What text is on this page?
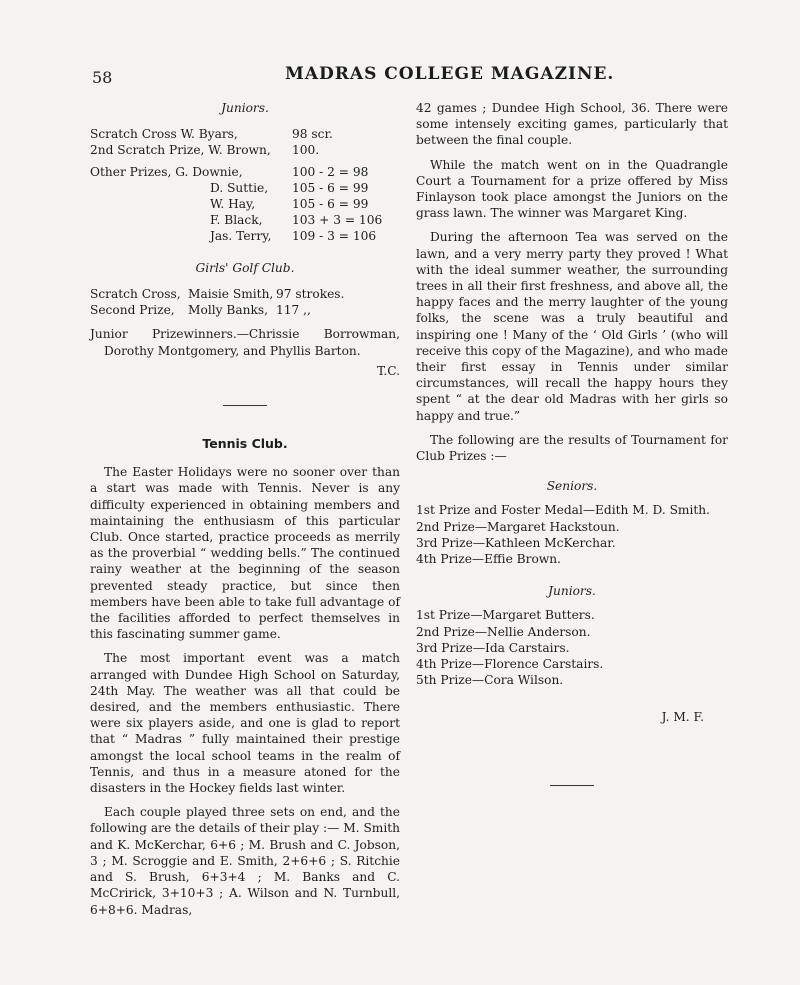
58	MADRAS COLLEGE MAGAZINE.
Juniors.
Scratch Cross W. Byars,		98 scr.
2nd Scratch Prize, W. Brown,		100.

Other Prizes, G. Downie,		100 - 2 = 98
	D. Suttie,	105 - 6 = 99
	W. Hay,	105 - 6 = 99
	F. Black,	103 + 3 = 106
	Jas. Terry,	109 - 3 = 106
Girls' Golf Club.
Scratch Cross,	Maisie Smith,	97 strokes.
Second Prize,	Molly Banks,	117 ,,

Junior Prizewinners.—Chrissie Borrowman, Dorothy Montgomery, and Phyllis Barton.

T.C.

Tennis Club.

The Easter Holidays were no sooner over than a start was made with Tennis. Never is any difficulty experienced in obtaining members and maintaining the enthusiasm of this particular Club. Once started, practice proceeds as merrily as the proverbial “ wedding bells.” The continued rainy weather at the beginning of the season prevented steady practice, but since then members have been able to take full advantage of the facilities afforded to perfect themselves in this fascinating summer game.

The most important event was a match arranged with Dundee High School on Saturday, 24th May. The weather was all that could be desired, and the members enthusiastic. There were six players aside, and one is glad to report that “ Madras ” fully maintained their prestige amongst the local school teams in the realm of Tennis, and thus in a measure atoned for the disasters in the Hockey fields last winter.

Each couple played three sets on end, and the following are the details of their play :— M. Smith and K. McKerchar, 6+6 ; M. Brush and C. Jobson, 3 ; M. Scroggie and E. Smith, 2+6+6 ; S. Ritchie and S. Brush, 6+3+4 ; M. Banks and C. McCririck, 3+10+3 ; A. Wilson and N. Turnbull, 6+8+6. Madras,

42 games ; Dundee High School, 36. There were some intensely exciting games, particularly that between the final couple.

While the match went on in the Quadrangle Court a Tournament for a prize offered by Miss Finlayson took place amongst the Juniors on the grass lawn. The winner was Margaret King.

During the afternoon Tea was served on the lawn, and a very merry party they proved ! What with the ideal summer weather, the surrounding trees in all their first freshness, and above all, the happy faces and the merry laughter of the young folks, the scene was a truly beautiful and inspiring one ! Many of the ‘ Old Girls ’ (who will receive this copy of the Magazine), and who made their first essay in Tennis under similar circumstances, will recall the happy hours they spent “ at the dear old Madras with her girls so happy and true.”

The following are the results of Tournament for Club Prizes :—

Seniors.
1st Prize and Foster Medal—Edith M. D. Smith.
2nd Prize—Margaret Hackstoun.
3rd Prize—Kathleen McKerchar.
4th Prize—Effie Brown.
Juniors.
1st Prize—Margaret Butters.
2nd Prize—Nellie Anderson.
3rd Prize—Ida Carstairs.
4th Prize—Florence Carstairs.
5th Prize—Cora Wilson.

J. M. F.
